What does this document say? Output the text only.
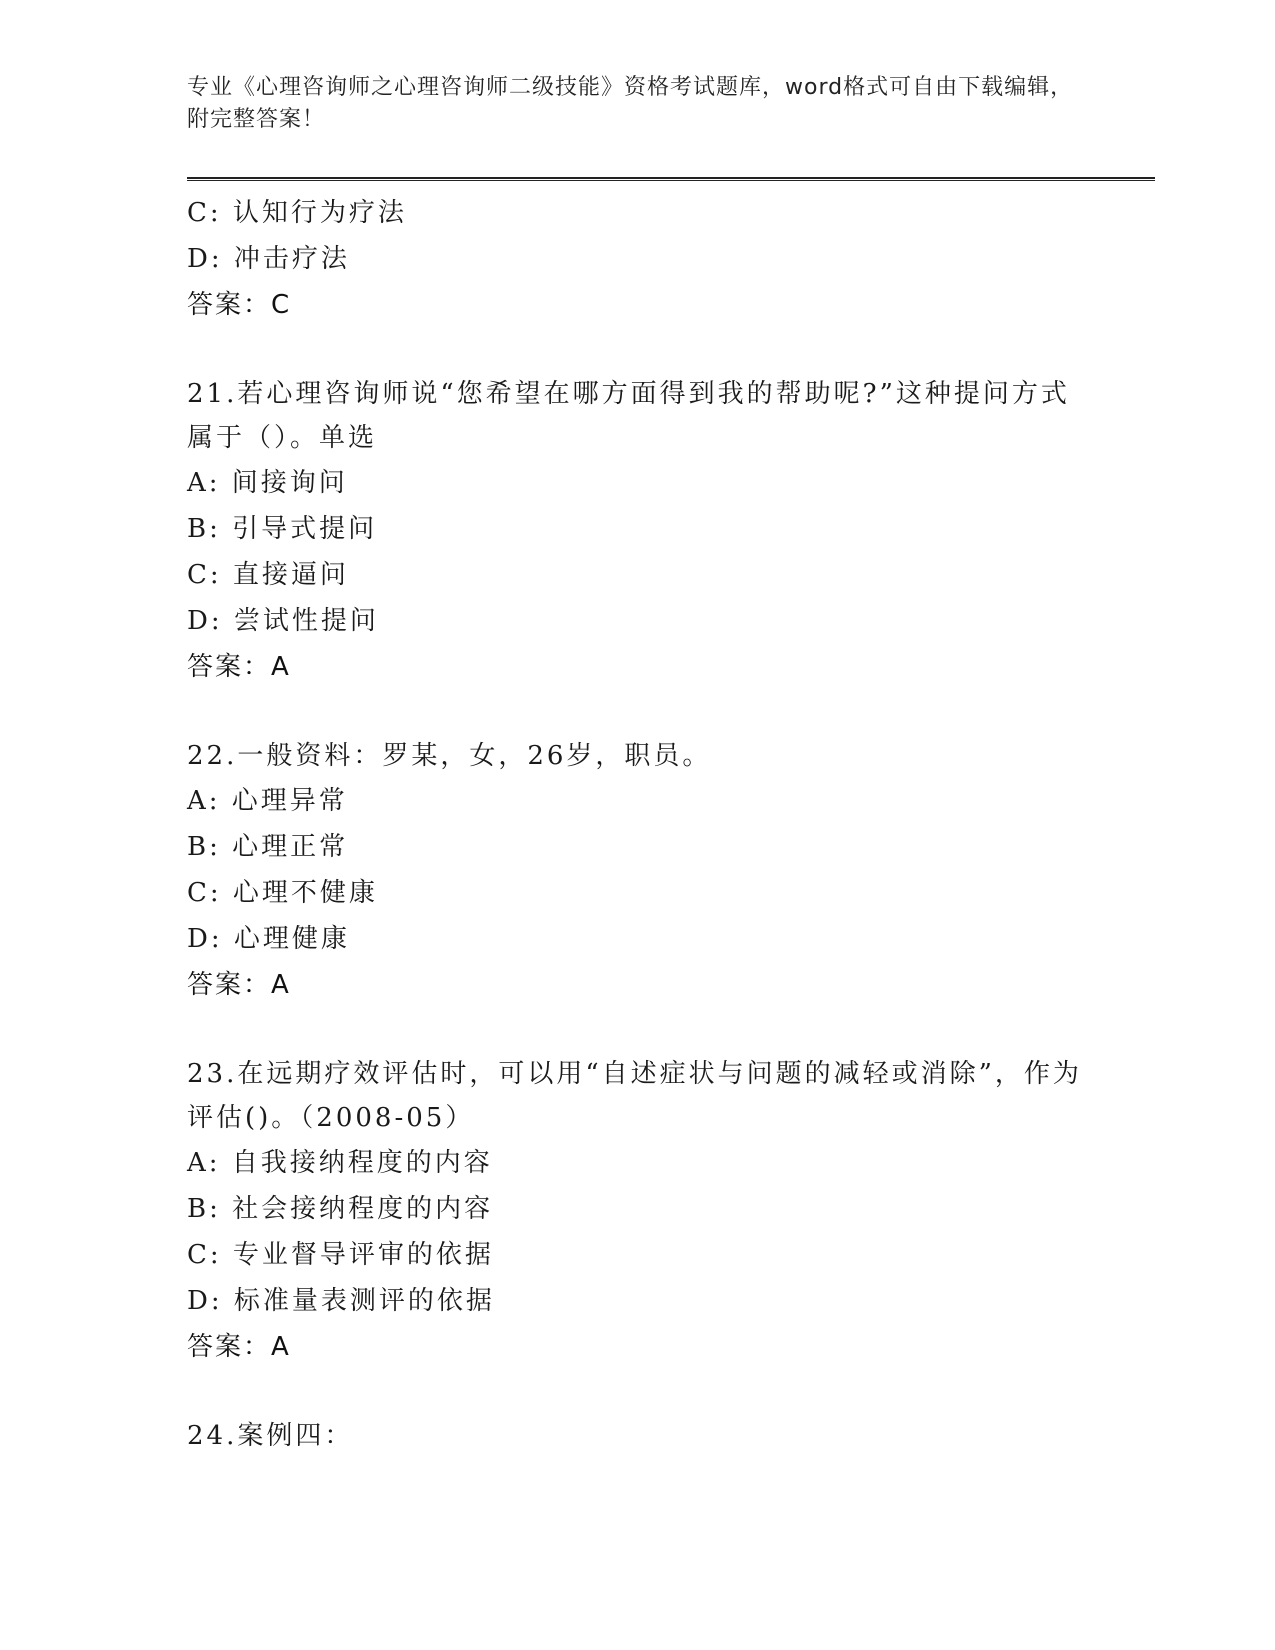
专业《心理咨询师之心理咨询师二级技能》资格考试题库，word格式可自由下载编辑，附完整答案！
C: 认知行为疗法
D: 冲击疗法
答案：C
21.若心理咨询师说“您希望在哪方面得到我的帮助呢?”这种提问方式属于（）。单选
A: 间接询问
B: 引导式提问
C: 直接逼问
D: 尝试性提问
答案：A
22.一般资料：罗某，女，26岁，职员。
A: 心理异常
B: 心理正常
C: 心理不健康
D: 心理健康
答案：A
23.在远期疗效评估时，可以用“自述症状与问题的减轻或消除”，作为评估()。（2008-05）
A: 自我接纳程度的内容
B: 社会接纳程度的内容
C: 专业督导评审的依据
D: 标准量表测评的依据
答案：A
24.案例四：
